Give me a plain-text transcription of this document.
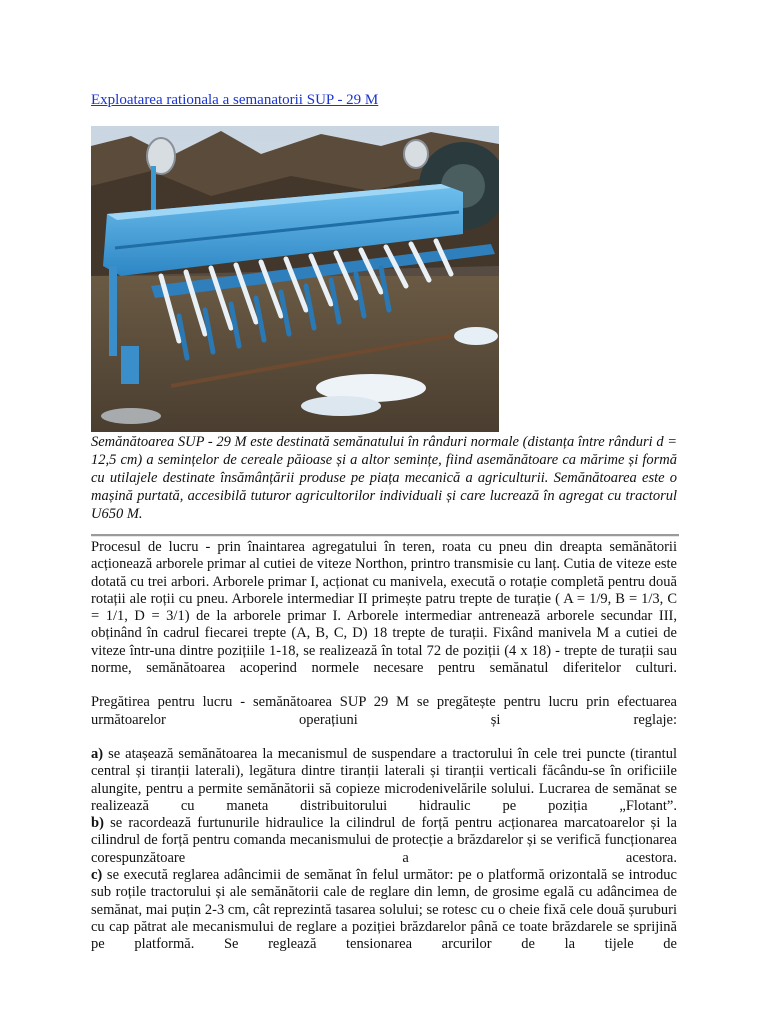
Exploatarea rationala a semanatorii SUP - 29 M

Semănătoarea SUP - 29 M este destinată semănatului în rânduri normale (distanța între rânduri d = 12,5 cm) a semințelor de cereale păioase și a altor semințe, fiind asemănătoare ca mărime și formă cu utilajele destinate însămânțării produse pe piața mecanică a agriculturii. Semănătoarea este o mașină purtată, accesibilă tuturor agricultorilor individuali și care lucrează în agregat cu tractorul U650 M.

Procesul de lucru - prin înaintarea agregatului în teren, roata cu pneu din dreapta semănătorii acționează arborele primar al cutiei de viteze Northon, printro transmisie cu lanț. Cutia de viteze este dotată cu trei arbori. Arborele primar I, acționat cu manivela, execută o rotație completă pentru două rotații ale roții cu pneu. Arborele intermediar II primește patru trepte de turație ( A = 1/9, B = 1/3, C = 1/1, D = 3/1) de la arborele primar I. Arborele intermediar antrenează arborele secundar III, obținând în cadrul fiecarei trepte (A, B, C, D) 18 trepte de turații. Fixând manivela M a cutiei de viteze într-una dintre pozițiile 1-18, se realizează în total 72 de poziții (4 x 18) - trepte de turații sau norme, semănătoarea acoperind normele necesare pentru semănatul diferitelor culturi.

Pregătirea pentru lucru - semănătoarea SUP 29 M se pregătește pentru lucru prin efectuarea următoarelor operațiuni și reglaje:

a) se atașează semănătoarea la mecanismul de suspendare a tractorului în cele trei puncte (tirantul central și tiranții laterali), legătura dintre tiranții laterali și tiranții verticali făcându-se în orificiile alungite, pentru a permite semănătorii să copieze microdenivelările solului. Lucrarea de semănat se realizează cu maneta distribuitorului hidraulic pe poziția „Flotant”.

b) se racordează furtunurile hidraulice la cilindrul de forță pentru acționarea marcatoarelor și la cilindrul de forță pentru comanda mecanismului de protecție a brăzdarelor și se verifică funcționarea corespunzătoare a acestora.

c) se execută reglarea adâncimii de semănat în felul următor: pe o platformă orizontală se introduc sub roțile tractorului și ale semănătorii cale de reglare din lemn, de grosime egală cu adâncimea de semănat, mai puțin 2-3 cm, cât reprezintă tasarea solului; se rotesc cu o cheie fixă cele două șuruburi cu cap pătrat ale mecanismului de reglare a poziției brăzdarelor până ce toate brăzdarele se sprijină pe platformă. Se reglează tensionarea arcurilor de la tijele de
